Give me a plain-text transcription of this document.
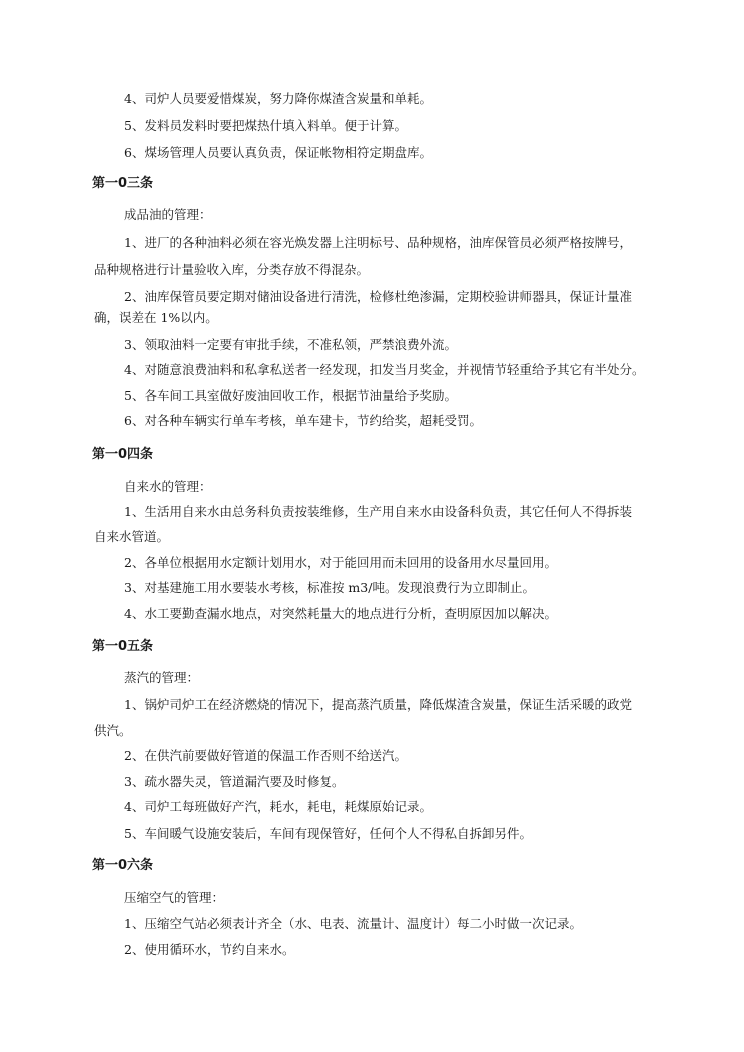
4、司炉人员要爱惜煤炭，努力降你煤渣含炭量和单耗。
5、发料员发料时要把煤热什填入料单。便于计算。
6、煤场管理人员要认真负责，保证帐物相符定期盘库。
第一0三条
成品油的管理：
1、进厂的各种油料必须在容光焕发器上注明标号、品种规格，油库保管员必须严格按牌号，
品种规格进行计量验收入库，分类存放不得混杂。
2、油库保管员要定期对储油设备进行清洗，检修杜绝渗漏，定期校验讲师器具，保证计量准
确，误差在 1%以内。
3、领取油料一定要有审批手续，不准私领，严禁浪费外流。
4、对随意浪费油料和私拿私送者一经发现，扣发当月奖金，并视情节轻重给予其它有半处分。
5、各车间工具室做好废油回收工作，根据节油量给予奖励。
6、对各种车辆实行单车考核，单车建卡，节约给奖，超耗受罚。
第一0四条
自来水的管理：
1、生活用自来水由总务科负责按装维修，生产用自来水由设备科负责，其它任何人不得拆装
自来水管道。
2、各单位根据用水定额计划用水，对于能回用而未回用的设备用水尽量回用。
3、对基建施工用水要装水考核，标准按 m3/吨。发现浪费行为立即制止。
4、水工要勤查漏水地点，对突然耗量大的地点进行分析，查明原因加以解决。
第一0五条
蒸汽的管理：
1、锅炉司炉工在经济燃烧的情况下，提高蒸汽质量，降低煤渣含炭量，保证生活采暖的政党
供汽。
2、在供汽前要做好管道的保温工作否则不给送汽。
3、疏水器失灵，管道漏汽要及时修复。
4、司炉工每班做好产汽，耗水，耗电，耗煤原始记录。
5、车间暖气设施安装后，车间有现保管好，任何个人不得私自拆卸另件。
第一0六条
压缩空气的管理：
1、压缩空气站必须表计齐全（水、电表、流量计、温度计）每二小时做一次记录。
2、使用循环水，节约自来水。
